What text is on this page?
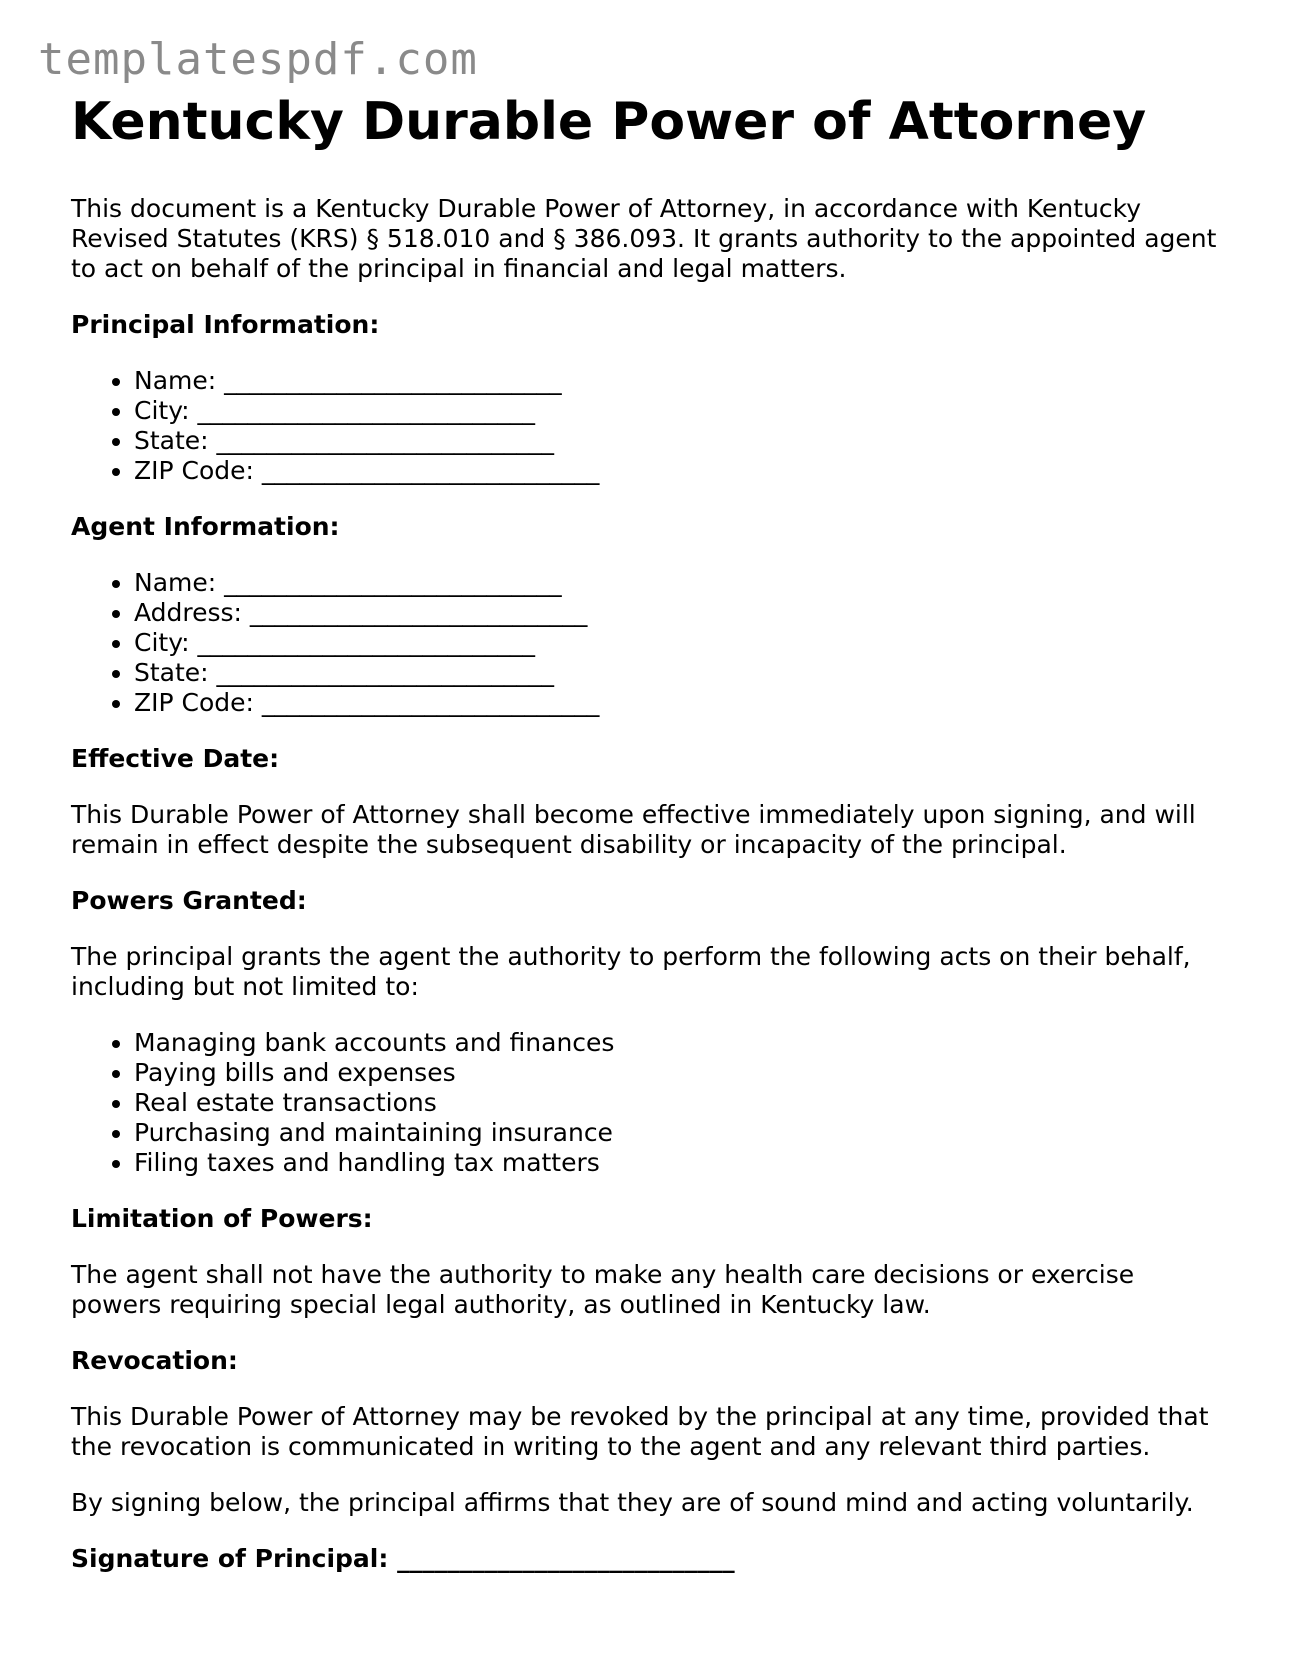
templatespdf.com
Kentucky Durable Power of Attorney

This document is a Kentucky Durable Power of Attorney, in accordance with Kentucky Revised Statutes (KRS) § 518.010 and § 386.093. It grants authority to the appointed agent to act on behalf of the principal in financial and legal matters.

Principal Information:
• Name: ___________________________
• City: ___________________________
• State: ___________________________
• ZIP Code: ___________________________
Agent Information:
• Name: ___________________________
• Address: ___________________________
• City: ___________________________
• State: ___________________________
• ZIP Code: ___________________________
Effective Date:

This Durable Power of Attorney shall become effective immediately upon signing, and will remain in effect despite the subsequent disability or incapacity of the principal.

Powers Granted:

The principal grants the agent the authority to perform the following acts on their behalf, including but not limited to:

• Managing bank accounts and finances
• Paying bills and expenses
• Real estate transactions
• Purchasing and maintaining insurance
• Filing taxes and handling tax matters
Limitation of Powers:

The agent shall not have the authority to make any health care decisions or exercise powers requiring special legal authority, as outlined in Kentucky law.

Revocation:

This Durable Power of Attorney may be revoked by the principal at any time, provided that the revocation is communicated in writing to the agent and any relevant third parties.

By signing below, the principal affirms that they are of sound mind and acting voluntarily.

Signature of Principal: ___________________________
